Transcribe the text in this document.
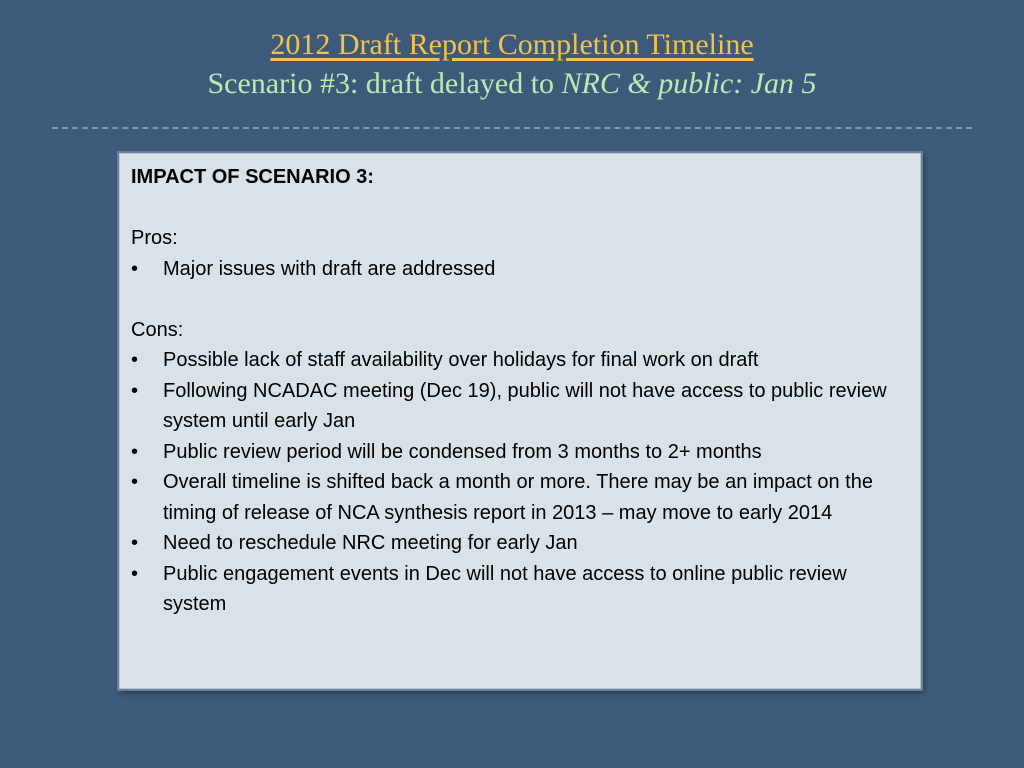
2012 Draft Report Completion Timeline
Scenario #3: draft delayed to NRC & public: Jan 5
IMPACT OF SCENARIO 3:
Pros:
• Major issues with draft are addressed
Cons:
• Possible lack of staff availability over holidays for final work on draft
• Following NCADAC meeting (Dec 19), public will not have access to public review system until early Jan
• Public review period will be condensed from 3 months to 2+ months
• Overall timeline is shifted back a month or more. There may be an impact on the timing of release of NCA synthesis report in 2013 – may move to early 2014
• Need to reschedule NRC meeting for early Jan
• Public engagement events in Dec will not have access to online public review system
